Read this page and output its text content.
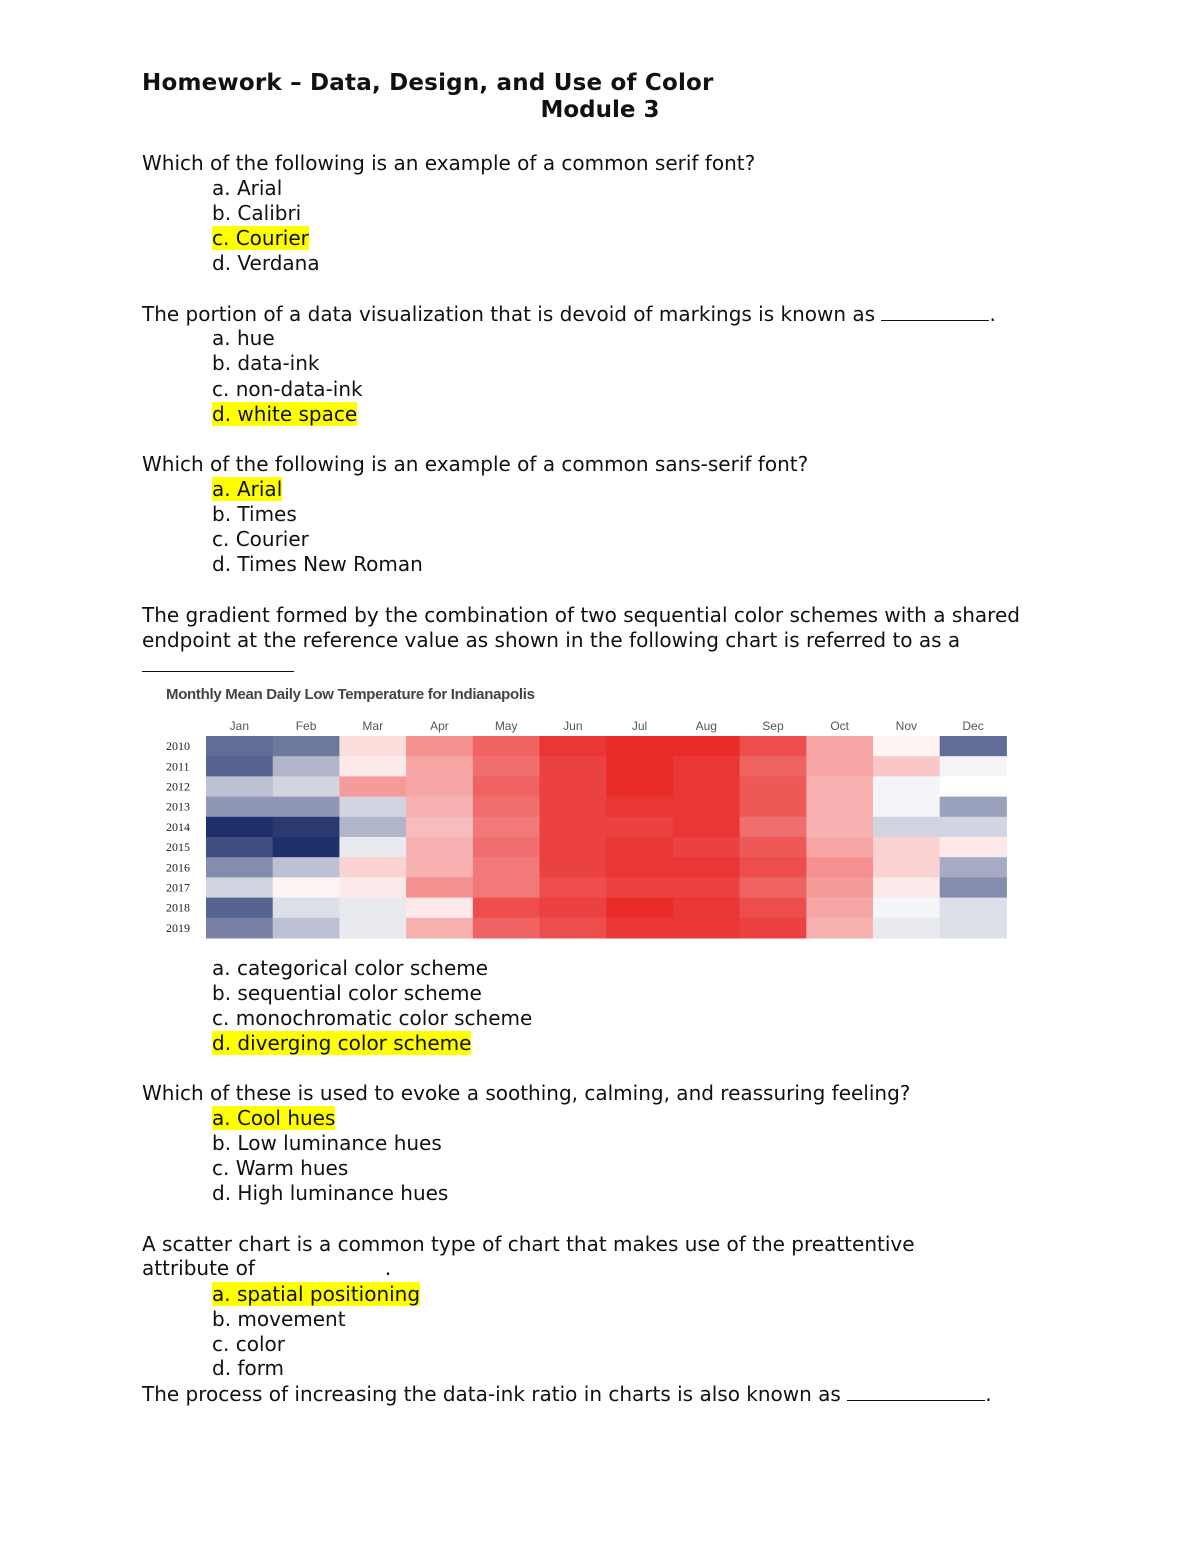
Homework – Data, Design, and Use of Color
Module 3
Which of the following is an example of a common serif font?
a. Arial
b. Calibri
c. Courier
d. Verdana
The portion of a data visualization that is devoid of markings is known as	.
a. hue
b. data-ink
c. non-data-ink
d. white space
Which of the following is an example of a common sans-serif font?
a. Arial
b. Times
c. Courier
d. Times New Roman
The gradient formed by the combination of two sequential color schemes with a shared endpoint at the reference value as shown in the following chart is referred to as a
Monthly Mean Daily Low Temperature for Indianapolis
Jan	Feb	Mar	Apr	May	Jun	Jul	Aug	Sep	Oct	Nov	Dec
2010
2011
2012
2013
2014
2015
2016
2017
2018
2019
a. categorical color scheme
b. sequential color scheme
c. monochromatic color scheme
d. diverging color scheme
Which of these is used to evoke a soothing, calming, and reassuring feeling?
a. Cool hues
b. Low luminance hues
c. Warm hues
d. High luminance hues
A scatter chart is a common type of chart that makes use of the preattentive
attribute of	.
a. spatial positioning
b. movement
c. color
d. form
The process of increasing the data-ink ratio in charts is also known as	.
